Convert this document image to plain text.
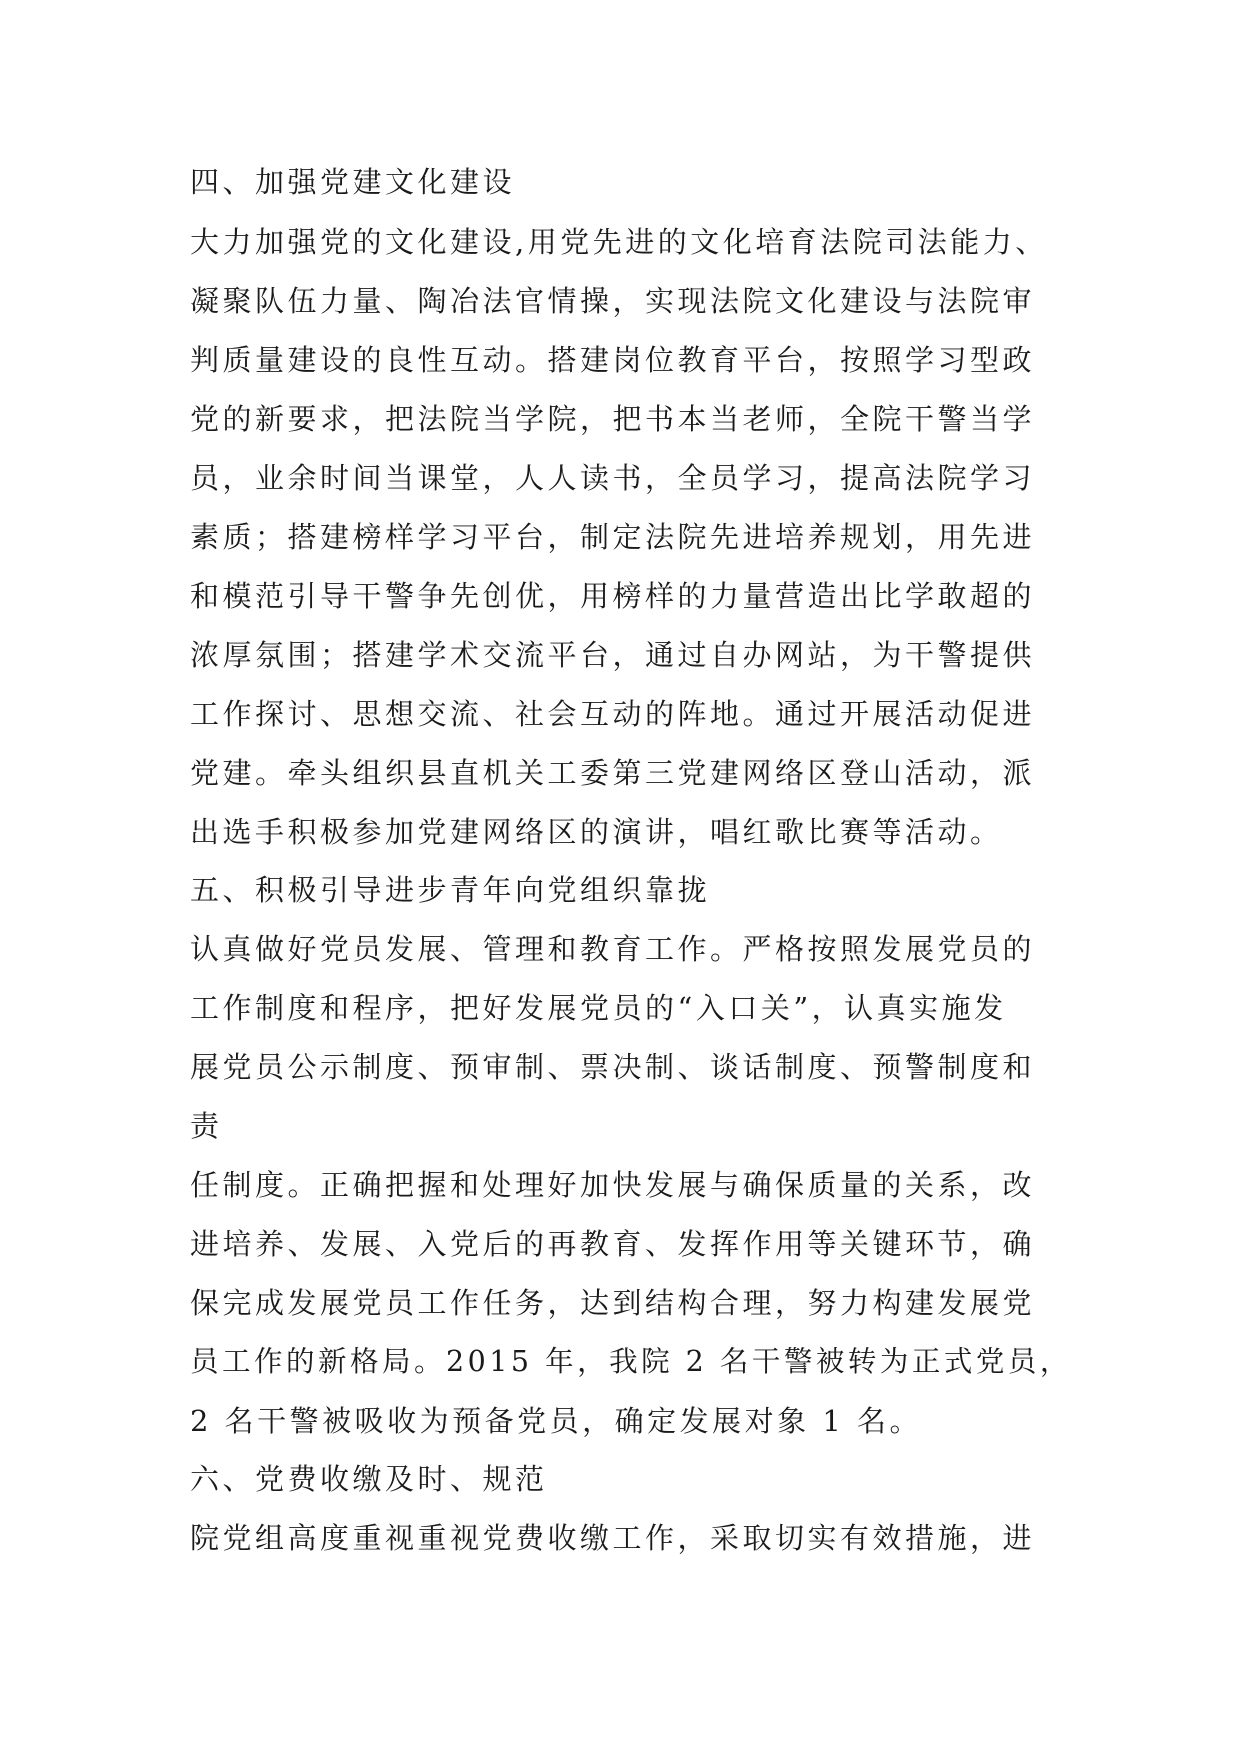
四、加强党建文化建设
大力加强党的文化建设,用党先进的文化培育法院司法能力、
凝聚队伍力量、陶冶法官情操，实现法院文化建设与法院审
判质量建设的良性互动。搭建岗位教育平台，按照学习型政
党的新要求，把法院当学院，把书本当老师，全院干警当学
员，业余时间当课堂，人人读书，全员学习，提高法院学习
素质；搭建榜样学习平台，制定法院先进培养规划，用先进
和模范引导干警争先创优，用榜样的力量营造出比学敢超的
浓厚氛围；搭建学术交流平台，通过自办网站，为干警提供
工作探讨、思想交流、社会互动的阵地。通过开展活动促进
党建。牵头组织县直机关工委第三党建网络区登山活动，派
出选手积极参加党建网络区的演讲，唱红歌比赛等活动。
五、积极引导进步青年向党组织靠拢
认真做好党员发展、管理和教育工作。严格按照发展党员的
工作制度和程序，把好发展党员的“入口关”，认真实施发
展党员公示制度、预审制、票决制、谈话制度、预警制度和
责
任制度。正确把握和处理好加快发展与确保质量的关系，改
进培养、发展、入党后的再教育、发挥作用等关键环节，确
保完成发展党员工作任务，达到结构合理，努力构建发展党
员工作的新格局。2015 年，我院 2 名干警被转为正式党员，
2 名干警被吸收为预备党员，确定发展对象 1 名。
六、党费收缴及时、规范
院党组高度重视重视党费收缴工作，采取切实有效措施，进
